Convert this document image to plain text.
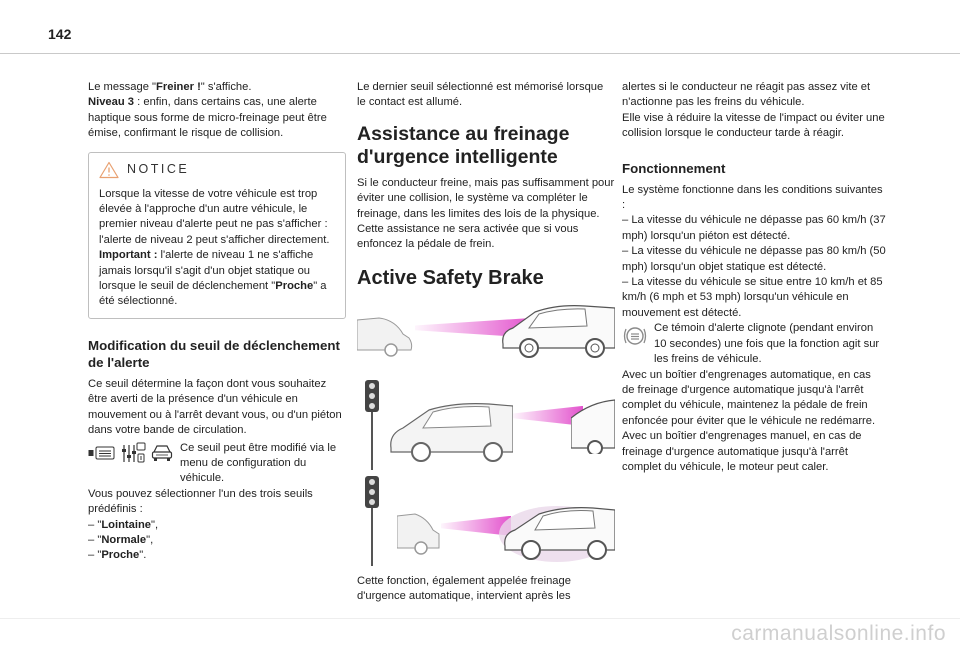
142

Le message "Freiner !" s'affiche.

Niveau 3 : enfin, dans certains cas, une alerte haptique sous forme de micro-freinage peut être émise, confirmant le risque de collision.

NOTICE

Lorsque la vitesse de votre véhicule est trop élevée à l'approche d'un autre véhicule, le premier niveau d'alerte peut ne pas s'afficher : l'alerte de niveau 2 peut s'afficher directement.

Important : l'alerte de niveau 1 ne s'affiche jamais lorsqu'il s'agit d'un objet statique ou lorsque le seuil de déclenchement "Proche" a été sélectionné.

Modification du seuil de déclenchement de l'alerte

Ce seuil détermine la façon dont vous souhaitez être averti de la présence d'un véhicule en mouvement ou à l'arrêt devant vous, ou d'un piéton dans votre bande de circulation.

Ce seuil peut être modifié via le menu de configuration du véhicule.

Vous pouvez sélectionner l'un des trois seuils prédéfinis :

– "Lointaine",

– "Normale",

– "Proche".

Le dernier seuil sélectionné est mémorisé lorsque le contact est allumé.

Assistance au freinage d'urgence intelligente

Si le conducteur freine, mais pas suffisamment pour éviter une collision, le système va compléter le freinage, dans les limites des lois de la physique.

Cette assistance ne sera activée que si vous enfoncez la pédale de frein.

Active Safety Brake

Cette fonction, également appelée freinage d'urgence automatique, intervient après les

alertes si le conducteur ne réagit pas assez vite et n'actionne pas les freins du véhicule.

Elle vise à réduire la vitesse de l'impact ou éviter une collision lorsque le conducteur tarde à réagir.

Fonctionnement

Le système fonctionne dans les conditions suivantes :

– La vitesse du véhicule ne dépasse pas 60 km/h (37 mph) lorsqu'un piéton est détecté.

– La vitesse du véhicule ne dépasse pas 80 km/h (50 mph) lorsqu'un objet statique est détecté.

– La vitesse du véhicule se situe entre 10 km/h et 85 km/h (6 mph et 53 mph) lorsqu'un véhicule en mouvement est détecté.

Ce témoin d'alerte clignote (pendant environ 10 secondes) une fois que la fonction agit sur les freins de véhicule.

Avec un boîtier d'engrenages automatique, en cas de freinage d'urgence automatique jusqu'à l'arrêt complet du véhicule, maintenez la pédale de frein enfoncée pour éviter que le véhicule ne redémarre.

Avec un boîtier d'engrenages manuel, en cas de freinage d'urgence automatique jusqu'à l'arrêt complet du véhicule, le moteur peut caler.

carmanualsonline.info
